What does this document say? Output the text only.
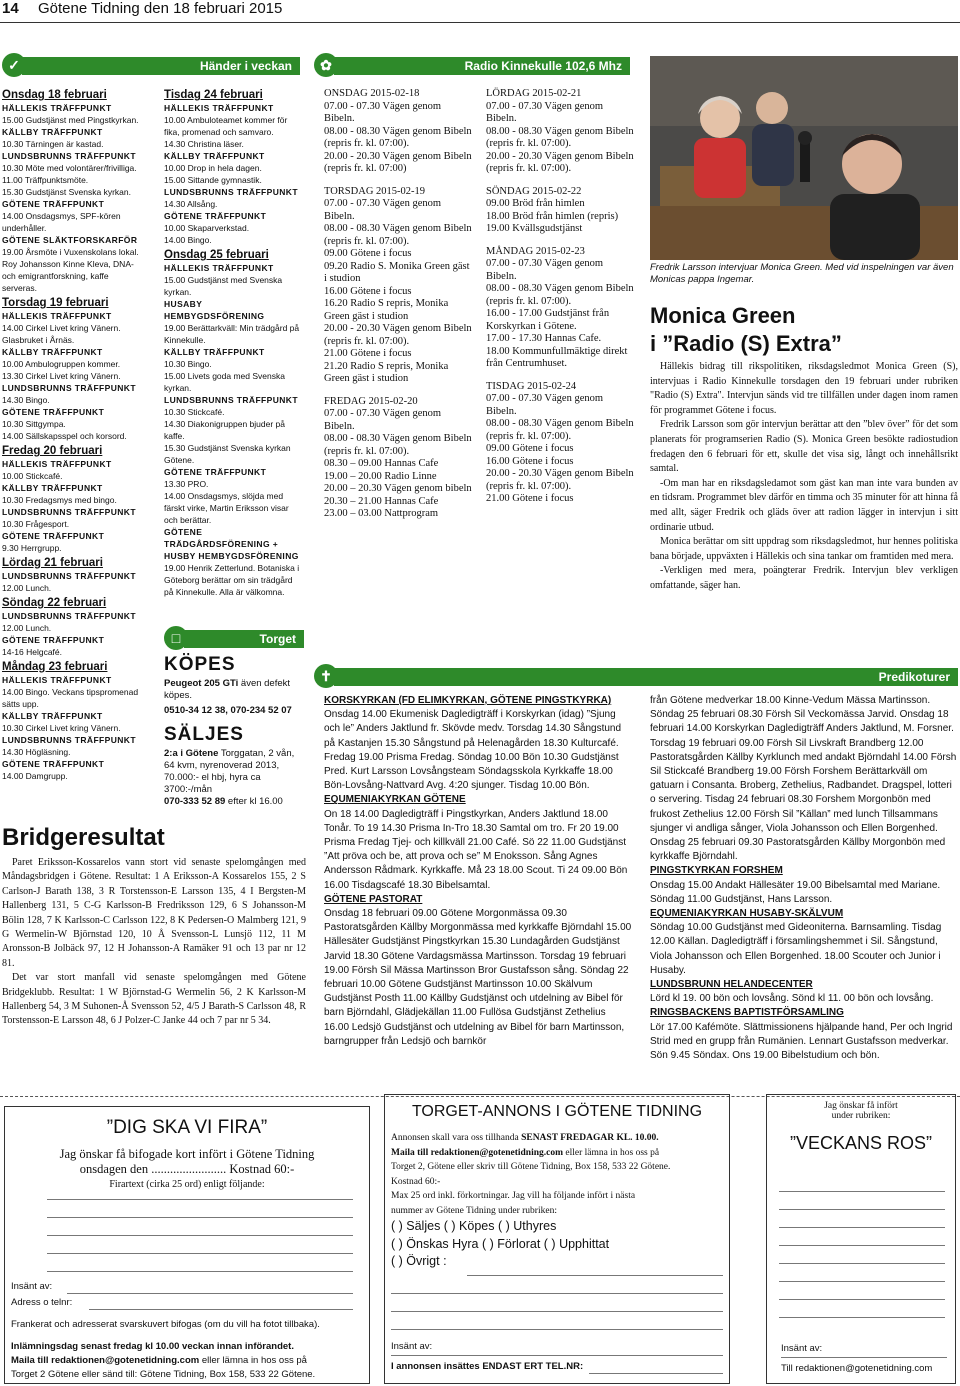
14 Götene Tidning den 18 februari 2015
✓	Händer i veckan	✿	Radio Kinnekulle 102,6 Mhz
Onsdag 18 februari
HÄLLEKIS TRÄFFPUNKT
15.00 Gudstjänst med Pingstkyrkan.
KÄLLBY TRÄFFPUNKT
10.30 Tärningen är kastad.
LUNDSBRUNNS TRÄFFPUNKT
10.30 Möte med volontärer/frivilliga.
11.00 Träffpunktsmöte.
15.30 Gudstjänst Svenska kyrkan.
GÖTENE TRÄFFPUNKT
14.00 Onsdagsmys, SPF-kören underhåller.
GÖTENE SLÄKTFORSKARFÖR
19.00 Årsmöte i Vuxenskolans lokal. Roy Johansson Kinne Kleva, DNA- och emigrantforskning, kaffe serveras.
Torsdag 19 februari
HÄLLEKIS TRÄFFPUNKT
14.00 Cirkel Livet kring Vänern. Glasbruket i Årnäs.
KÄLLBY TRÄFFPUNKT
10.00 Ambulogruppen kommer.
13.30 Cirkel Livet kring Vänern.
LUNDSBRUNNS TRÄFFPUNKT
14.30 Bingo.
GÖTENE TRÄFFPUNKT
10.30 Sittgympa.
14.00 Sällskapsspel och korsord.
Fredag 20 februari
HÄLLEKIS TRÄFFPUNKT
10.00 Stickcafé.
KÄLLBY TRÄFFPUNKT
10.30 Fredagsmys med bingo.
LUNDSBRUNNS TRÄFFPUNKT
10.30 Frågesport.
GÖTENE TRÄFFPUNKT
9.30 Herrgrupp.
Lördag 21 februari
LUNDSBRUNNS TRÄFFPUNKT
12.00 Lunch.
Söndag 22 februari
LUNDSBRUNNS TRÄFFPUNKT
12.00 Lunch.
GÖTENE TRÄFFPUNKT
14-16 Helgcafé.
Måndag 23 februari
HÄLLEKIS TRÄFFPUNKT
14.00 Bingo. Veckans tipspromenad sätts upp.
KÄLLBY TRÄFFPUNKT
10.30 Cirkel Livet kring Vänern.
LUNDSBRUNNS TRÄFFPUNKT
14.30 Högläsning.
GÖTENE TRÄFFPUNKT
14.00 Damgrupp.
Tisdag 24 februari
HÄLLEKIS TRÄFFPUNKT
10.00 Ambuloteamet kommer för fika, promenad och samvaro.
14.30 Christina läser.
KÄLLBY TRÄFFPUNKT
10.00 Drop in hela dagen.
15.00 Sittande gymnastik.
LUNDSBRUNNS TRÄFFPUNKT
14.30 Allsång.
GÖTENE TRÄFFPUNKT
10.00 Skaparverkstad.
14.00 Bingo.
Onsdag 25 februari
HÄLLEKIS TRÄFFPUNKT
15.00 Gudstjänst med Svenska kyrkan.
HUSABY HEMBYGDSFÖRENING
19.00 Berättarkväll: Min trädgård på Kinnekulle.
KÄLLBY TRÄFFPUNKT
10.30 Bingo.
15.00 Livets goda med Svenska kyrkan.
LUNDSBRUNNS TRÄFFPUNKT
10.30 Stickcafé.
14.30 Diakonigruppen bjuder på kaffe.
15.30 Gudstjänst Svenska kyrkan Götene.
GÖTENE TRÄFFPUNKT
13.30 PRO.
14.00 Onsdagsmys, slöjda med färskt virke, Martin Eriksson visar och berättar.
GÖTENE TRÄDGÅRDSFÖRENING + HUSBY HEMBYGDSFÖRENING
19.00 Henrik Zetterlund. Botaniska i Göteborg berättar om sin trädgård på Kinnekulle. Alla är välkomna.
□	Torget
KÖPES
Peugeot 205 GTi även defekt köpes.
0510-34 12 38, 070-234 52 07
SÄLJES
2:a i Götene Torggatan, 2 vån, 64 kvm, nyrenoverad 2013, 70.000:- el hbj, hyra ca 3700:-/mån
070-333 52 89 efter kl 16.00
ONSDAG 2015-02-18
07.00 - 07.30 Vägen genom Bibeln.
08.00 - 08.30 Vägen genom Bibeln (repris fr. kl. 07:00).
20.00 - 20.30 Vägen genom Bibeln (repris fr. kl. 07:00)
TORSDAG 2015-02-19
07.00 - 07.30 Vägen genom Bibeln.
08.00 - 08.30 Vägen genom Bibeln (repris fr. kl. 07:00).
09.00 Götene i focus
09.20 Radio S. Monika Green gäst i studion
16.00 Götene i focus
16.20 Radio S repris, Monika Green gäst i studion
20.00 - 20.30 Vägen genom Bibeln (repris fr. kl. 07:00).
21.00 Götene i focus
21.20 Radio S repris, Monika Green gäst i studion
FREDAG 2015-02-20
07.00 - 07.30 Vägen genom Bibeln.
08.00 - 08.30 Vägen genom Bibeln (repris fr. kl. 07:00).
08.30 – 09.00 Hannas Cafe
19.00 – 20.00 Radio Linne
20.00 – 20.30 Vägen genom bibeln
20.30 – 21.00 Hannas Cafe
23.00 – 03.00 Nattprogram
LÖRDAG 2015-02-21
07.00 - 07.30 Vägen genom Bibeln.
08.00 - 08.30 Vägen genom Bibeln (repris fr. kl. 07:00).
20.00 - 20.30 Vägen genom Bibeln (repris fr. kl. 07:00).
SÖNDAG 2015-02-22
09.00 Bröd från himlen
18.00 Bröd från himlen (repris)
19.00 Kvällsgudstjänst
MÅNDAG 2015-02-23
07.00 - 07.30 Vägen genom Bibeln.
08.00 - 08.30 Vägen genom Bibeln (repris fr. kl. 07:00).
16.00 - 17.00 Gudstjänst från Korskyrkan i Götene.
17.00 - 17.30 Hannas Cafe.
18.00 Kommunfullmäktige direkt från Centrumhuset.
TISDAG 2015-02-24
07.00 - 07.30 Vägen genom Bibeln.
08.00 - 08.30 Vägen genom Bibeln (repris fr. kl. 07:00).
09.00 Götene i focus
16.00 Götene i focus
20.00 - 20.30 Vägen genom Bibeln (repris fr. kl. 07:00).
21.00 Götene i focus
Fredrik Larsson intervjuar Monica Green. Med vid inspelningen var även Monicas pappa Ingemar.
Monica Green
i ”Radio (S) Extra”
Hällekis bidrag till rikspolitiken, riksdagsledmot Monica Green (S), intervjuas i Radio Kinnekulle torsdagen den 19 februari under rubriken "Radio (S) Extra". Intervjun sänds vid tre tillfällen under dagen inom ramen för programmet Götene i focus.
Fredrik Larsson som gör intervjun berättar att den ”blev över” för det som planerats för programserien Radio (S). Monica Green besökte radiostudion fredagen den 6 februari för ett, skulle det visa sig, långt och innehållsrikt samtal.
-Om man har en riksdagsledamot som gäst kan man inte vara bunden av en tidsram. Programmet blev därför en timma och 35 minuter för att hinna få med allt, säger Fredrik och gläds över att radion lägger in intervjun i sitt ordinarie utbud.
Monica berättar om sitt uppdrag som riksdagsledmot, hur hennes politiska bana började, uppväxten i Hällekis och sina tankar om framtiden med mera.
-Verkligen med mera, poängterar Fredrik. Intervjun blev verkligen omfattande, säger han.
Bridgeresultat
Paret Eriksson-Kossarelos vann stort vid senaste spelomgången med Måndagsbridgen i Götene. Resultat: 1 A Eriksson-A Kossarelos 155, 2 S Carlson-J Barath 138, 3 R Torstensson-E Larsson 135, 4 I Bergsten-M Hallenberg 131, 5 C-G Karlsson-B Fredriksson 129, 6 S Johansson-M Bölin 128, 7 K Karlsson-C Carlsson 122, 8 K Pedersen-O Malmberg 121, 9 G Wermelin-W Björnstad 120, 10 Å Svensson-L Lunsjö 112, 11 M Aronsson-B Jolbäck 97, 12 H Johansson-A Ramäker 91 och 13 par nr 12 81.
Det var stort manfall vid senaste spelomgången med Götene Bridgeklubb. Resultat: 1 W Björnstad-G Wermelin 56, 2 K Karlsson-M Hallenberg 54, 3 M Suhonen-Å Svensson 52, 4/5 J Barath-S Carlsson 48, R Torstensson-E Larsson 48, 6 J Polzer-C Janke 44 och 7 par nr 5 34.
✝	Predikoturer
KORSKYRKAN (FD ELIMKYRKAN, GÖTENE PINGSTKYRKA)
Onsdag 14.00 Ekumenisk Dagledigträff i Korskyrkan (idag) ”Sjung och le” Anders Jaktlund fr. Skövde medv. Torsdag 14.30 Sångstund på Kastanjen 15.30 Sångstund på Helenagården 18.30 Kulturcafé. Fredag 19.00 Prisma Fredag. Söndag 10.00 Bön 10.30 Gudstjänst Pred. Kurt Larsson Lovsångsteam Söndagsskola Kyrkkaffe 18.00 Bön-Lovsång-Nattvard Avg. 4:20 sjunger. Tisdag 10.00 Bön.
EQUMENIAKYRKAN GÖTENE
On 18 14.00 Dagledigträff i Pingstkyrkan, Anders Jaktlund 18.00 Tonår. To 19 14.30 Prisma In-Tro 18.30 Samtal om tro. Fr 20 19.00 Prisma Fredag Tjej- och killkväll 21.00 Café. Sö 22 11.00 Gudstjänst ”Att pröva och be, att prova och se” M Enoksson. Sång Agnes Andersson Rådmark. Kyrkkaffe. Må 23 18.00 Scout. Ti 24 09.00 Bön 16.00 Tisdagscafé 18.30 Bibelsamtal.
GÖTENE PASTORAT
Onsdag 18 februari 09.00 Götene Morgonmässa 09.30 Pastoratsgården Källby Morgonmässa med kyrkkaffe Björndahl 15.00 Hällesäter Gudstjänst Pingstkyrkan 15.30 Lundagården Gudstjänst Jarvid 18.30 Götene Vardagsmässa Martinsson. Torsdag 19 februari 19.00 Försh Sil Mässa Martinsson Bror Gustafsson sång. Söndag 22 februari 10.00 Götene Gudstjänst Martinsson 10.00 Skälvum Gudstjänst Posth 11.00 Källby Gudstjänst och utdelning av Bibel för barn Björndahl, Glädjekällan 11.00 Fullösa Gudstjänst Zethelius 16.00 Ledsjö Gudstjänst och utdelning av Bibel för barn Martinsson, barngrupper från Ledsjö och barnkör
från Götene medverkar 18.00 Kinne-Vedum Mässa Martinsson. Söndag 25 februari 08.30 Försh Sil Veckomässa Jarvid. Onsdag 18 februari 14.00 Korskyrkan Dagledigträff Anders Jaktlund, M. Forsner. Torsdag 19 februari 09.00 Försh Sil Livskraft Brandberg 12.00 Pastoratsgården Källby Kyrklunch med andakt Björndahl 14.00 Försh Sil Stickcafé Brandberg 19.00 Försh Forshem Berättarkväll om gatuarn i Consanta. Broberg, Zethelius, Radbandet. Dragspel, lotteri o servering. Tisdag 24 februari 08.30 Forshem Morgonbön med frukost Zethelius 12.00 Försh Sil ”Källan” med lunch Tillsammans sjunger vi andliga sånger, Viola Johansson och Ellen Borgenhed. Onsdag 25 februari 09.30 Pastoratsgården Källby Morgonbön med kyrkkaffe Björndahl.
PINGSTKYRKAN FORSHEM
Onsdag 15.00 Andakt Hällesäter 19.00 Bibelsamtal med Mariane. Söndag 11.00 Gudstjänst, Hans Larsson.
EQUMENIAKYRKAN HUSABY-SKÄLVUM
Söndag 10.00 Gudstjänst med Gideoniterna. Barnsamling. Tisdag 12.00 Källan. Dagledigträff i församlingshemmet i Sil. Sångstund, Viola Johansson och Ellen Borgenhed. 18.00 Scouter och Junior i Husaby.
LUNDSBRUNN HELANDECENTER
Lörd kl 19. 00 bön och lovsång. Sönd kl 11. 00 bön och lovsång.
RINGSBACKENS BAPTISTFÖRSAMLING
Lör 17.00 Kafémöte. Slättmissionens hjälpande hand, Per och Ingrid Strid med en grupp från Rumänien. Lennart Gustafsson medverkar. Sön 9.45 Söndax. Ons 19.00 Bibelstudium och bön.
”DIG SKA VI FIRA”
Jag önskar få bifogade kort infört i Götene Tidning
onsdagen den ........................ Kostnad 60:-
Firartext (cirka 25 ord) enligt följande:
Insänt av:
Adress o telnr:
Frankerat och adresserat svarskuvert bifogas (om du vill ha fotot tillbaka).
Inlämningsdag senast fredag kl 10.00 veckan innan införandet.
Maila till redaktionen@gotenetidning.com eller lämna in hos oss på
Torget 2 Götene eller sänd till: Götene Tidning, Box 158, 533 22 Götene.
TORGET-ANNONS I GÖTENE TIDNING
Annonsen skall vara oss tillhanda SENAST FREDAGAR KL. 10.00.
Maila till redaktionen@gotenetidning.com eller lämna in hos oss på
Torget 2, Götene eller skriv till Götene Tidning, Box 158, 533 22 Götene.
Kostnad 60:-
Max 25 ord inkl. förkortningar. Jag vill ha följande infört i nästa
nummer av Götene Tidning under rubriken:
( ) Säljes ( ) Köpes ( ) Uthyres
( ) Önskas Hyra ( ) Förlorat ( ) Upphittat
( ) Övrigt :
Insänt av:
I annonsen insättes ENDAST ERT TEL.NR:
Jag önskar få infört
under rubriken:
”VECKANS ROS”
Insänt av:
Till redaktionen@gotenetidning.com
